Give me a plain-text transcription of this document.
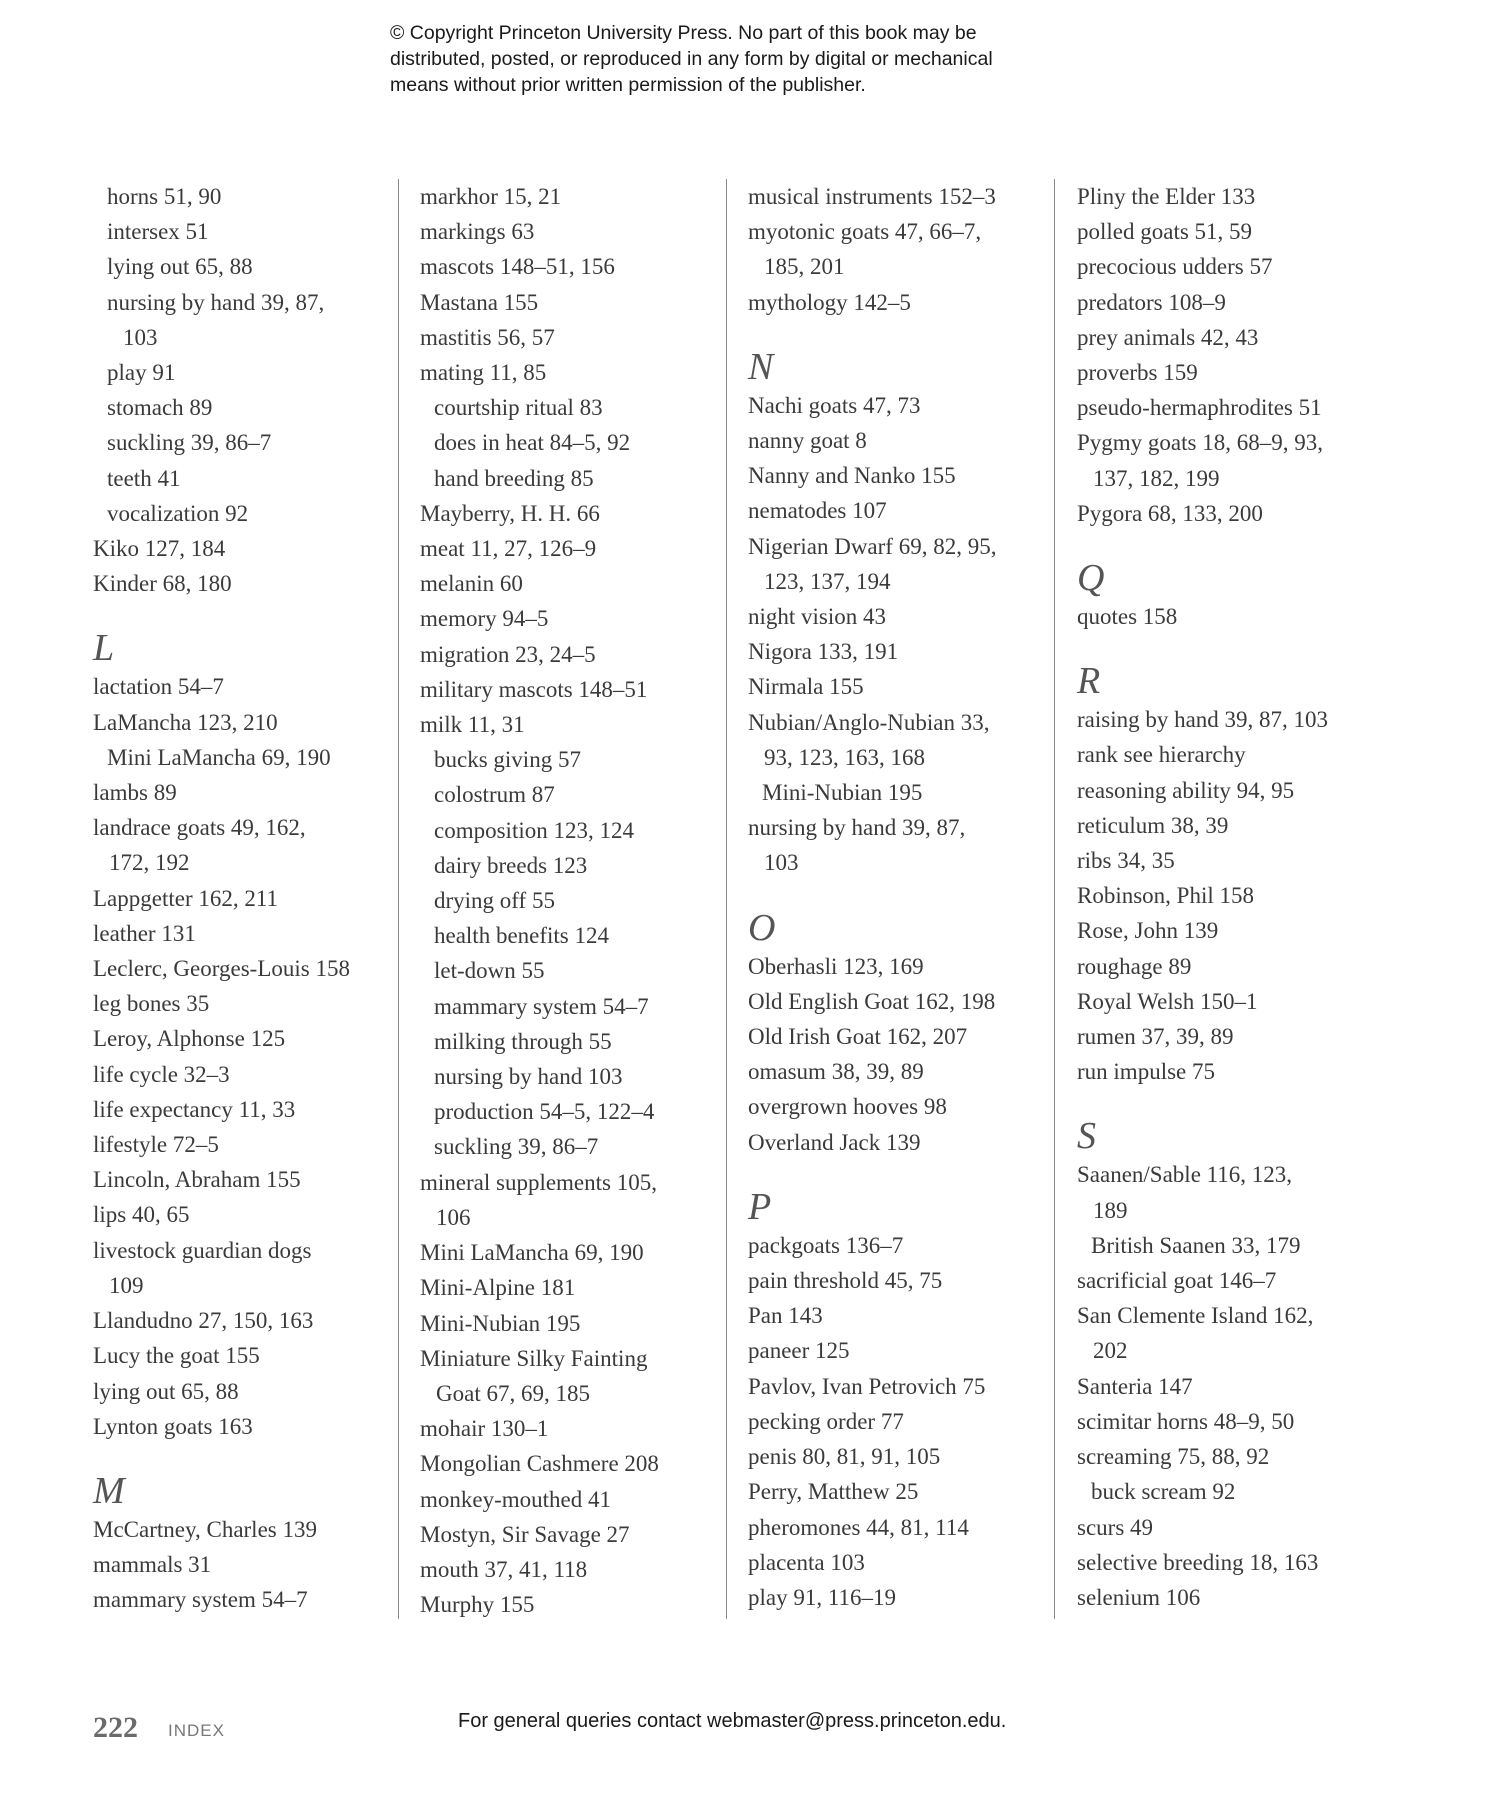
© Copyright Princeton University Press. No part of this book may be
distributed, posted, or reproduced in any form by digital or mechanical
means without prior written permission of the publisher.
horns 51, 90
intersex 51
lying out 65, 88
nursing by hand 39, 87,
103
play 91
stomach 89
suckling 39, 86–7
teeth 41
vocalization 92
Kiko 127, 184
Kinder 68, 180
L
lactation 54–7
LaMancha 123, 210
Mini LaMancha 69, 190
lambs 89
landrace goats 49, 162,
172, 192
Lappgetter 162, 211
leather 131
Leclerc, Georges-Louis 158
leg bones 35
Leroy, Alphonse 125
life cycle 32–3
life expectancy 11, 33
lifestyle 72–5
Lincoln, Abraham 155
lips 40, 65
livestock guardian dogs
109
Llandudno 27, 150, 163
Lucy the goat 155
lying out 65, 88
Lynton goats 163
M
McCartney, Charles 139
mammals 31
mammary system 54–7
markhor 15, 21
markings 63
mascots 148–51, 156
Mastana 155
mastitis 56, 57
mating 11, 85
courtship ritual 83
does in heat 84–5, 92
hand breeding 85
Mayberry, H. H. 66
meat 11, 27, 126–9
melanin 60
memory 94–5
migration 23, 24–5
military mascots 148–51
milk 11, 31
bucks giving 57
colostrum 87
composition 123, 124
dairy breeds 123
drying off 55
health benefits 124
let-down 55
mammary system 54–7
milking through 55
nursing by hand 103
production 54–5, 122–4
suckling 39, 86–7
mineral supplements 105,
106
Mini LaMancha 69, 190
Mini-Alpine 181
Mini-Nubian 195
Miniature Silky Fainting
Goat 67, 69, 185
mohair 130–1
Mongolian Cashmere 208
monkey-mouthed 41
Mostyn, Sir Savage 27
mouth 37, 41, 118
Murphy 155
musical instruments 152–3
myotonic goats 47, 66–7,
185, 201
mythology 142–5
N
Nachi goats 47, 73
nanny goat 8
Nanny and Nanko 155
nematodes 107
Nigerian Dwarf 69, 82, 95,
123, 137, 194
night vision 43
Nigora 133, 191
Nirmala 155
Nubian/Anglo-Nubian 33,
93, 123, 163, 168
Mini-Nubian 195
nursing by hand 39, 87,
103
O
Oberhasli 123, 169
Old English Goat 162, 198
Old Irish Goat 162, 207
omasum 38, 39, 89
overgrown hooves 98
Overland Jack 139
P
packgoats 136–7
pain threshold 45, 75
Pan 143
paneer 125
Pavlov, Ivan Petrovich 75
pecking order 77
penis 80, 81, 91, 105
Perry, Matthew 25
pheromones 44, 81, 114
placenta 103
play 91, 116–19
Pliny the Elder 133
polled goats 51, 59
precocious udders 57
predators 108–9
prey animals 42, 43
proverbs 159
pseudo-hermaphrodites 51
Pygmy goats 18, 68–9, 93,
137, 182, 199
Pygora 68, 133, 200
Q
quotes 158
R
raising by hand 39, 87, 103
rank see hierarchy
reasoning ability 94, 95
reticulum 38, 39
ribs 34, 35
Robinson, Phil 158
Rose, John 139
roughage 89
Royal Welsh 150–1
rumen 37, 39, 89
run impulse 75
S
Saanen/Sable 116, 123,
189
British Saanen 33, 179
sacrificial goat 146–7
San Clemente Island 162,
202
Santeria 147
scimitar horns 48–9, 50
screaming 75, 88, 92
buck scream 92
scurs 49
selective breeding 18, 163
selenium 106
222 INDEX	For general queries contact webmaster@press.princeton.edu.
